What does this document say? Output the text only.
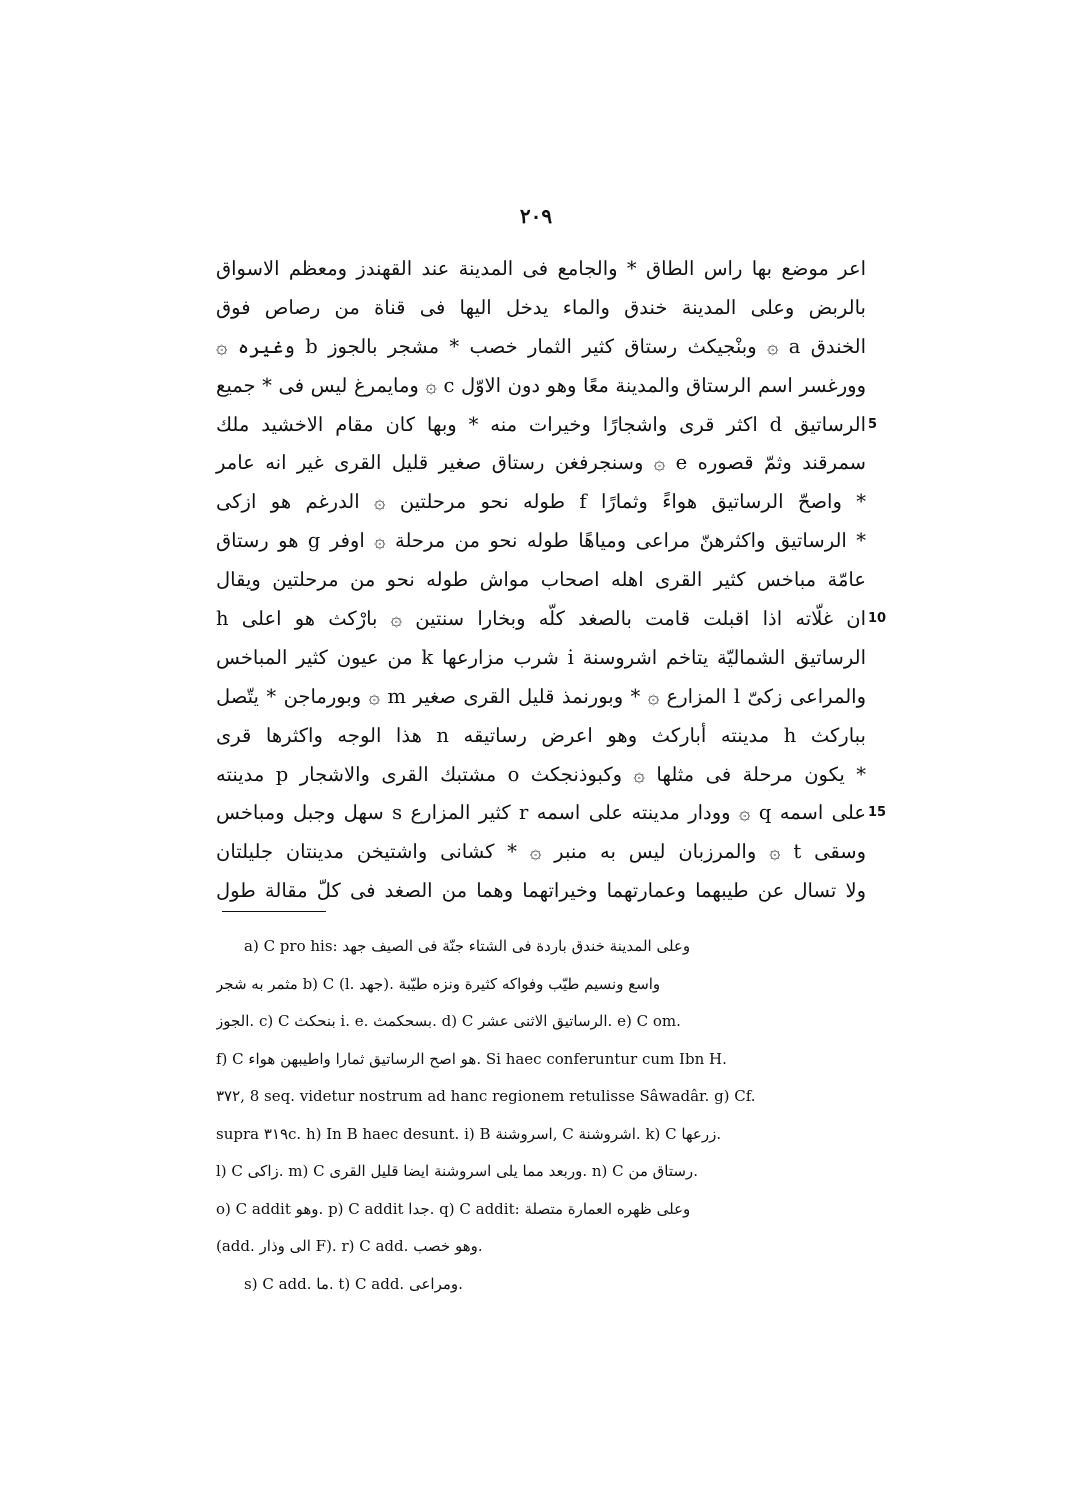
٢٠٩
اعر موضع بها راس الطاق * والجامع فى المدينة عند القهندز ومعظم الاسواق
بالربض وعلى المدينة خندق والماء يدخل اليها فى قناة من رصاص فوق
الخندق a ۞ وبنْجيكث رستاق كثير الثمار خصب * مشجر بالجوز b وغيره ۞
وورغسر اسم الرستاق والمدينة معًا وهو دون الاوّل c ۞ ومايمرغ ليس فى * جميع
الرساتيق d اكثر قرى واشجارًا وخيرات منه * وبها كان مقام الاخشيد ملك 5
سمرقند وثمّ قصوره e ۞ وسنجرفغن رستاق صغير قليل القرى غير انه عامر
* واصحّ الرساتيق هواءً وثمارًا f طوله نحو مرحلتين ۞ الدرغم هو ازكى
* الرساتيق واكثرهنّ مراعى ومياهًا طوله نحو من مرحلة ۞ اوفر g هو رستاق
عامّة مباخس كثير القرى اهله اصحاب مواش طوله نحو من مرحلتين ويقال
ان غلّاته اذا اقبلت قامت بالصغد كلّه وبخارا سنتين ۞ بارْكث هو اعلى h 10
الرساتيق الشماليّة يتاخم اشروسنة i شرب مزارعها k من عيون كثير المباخس
والمراعى زكىّ l المزارع ۞ * وبورنمذ قليل القرى صغير m ۞ وبورماجن * يتّصل
ببارکث h مدينته أباركث وهو اعرض رساتيقه n هذا الوجه واكثرها قرى
* يكون مرحلة فى مثلها ۞ وكبوذنجكث o مشتبك القرى والاشجار p مدينته
على اسمه q ۞ وودار مدينته على اسمه r كثير المزارع s سهل وجبل ومباخس 15
وسقى t ۞ والمرزبان ليس به منبر ۞ * كشانى واشتيخن مدينتان جليلتان
ولا تسال عن طيبهما وعمارتهما وخيراتهما وهما من الصغد فى كلّ مقالة طول
a) C pro his: وعلى المدينة خندق باردة فى الشتاء جنّة فى الصيف جهد
مثمر به شجر b) C (l. جهد). واسع ونسيم طيّب وفواكه كثيرة ونزه طيّبة
الجوز. c) C بنحكث i. e. بسحكمث. d) C الرساتيق الاثنى عشر. e) C om.
f) C هو اصح الرساتيق ثمارا واطيبهن هواء. Si haec conferuntur cum Ibn H.
٣٧٢, 8 seq. videtur nostrum ad hanc regionem retulisse Sâwadâr. g) Cf.
supra ٣١٩c. h) In B haec desunt. i) B اسروشنة, C اشروشنة. k) C زرعها.
l) C زاكى. m) C وربعد مما يلى اسروشنة ايضا قليل القرى. n) C رستاق من.
o) C addit وهو. p) C addit جدا. q) C addit: وعلى ظهره العمارة متصلة
(add. الى وذار F). r) C add. وهو خصب.
s) C add. ما. t) C add. ومراعى.
